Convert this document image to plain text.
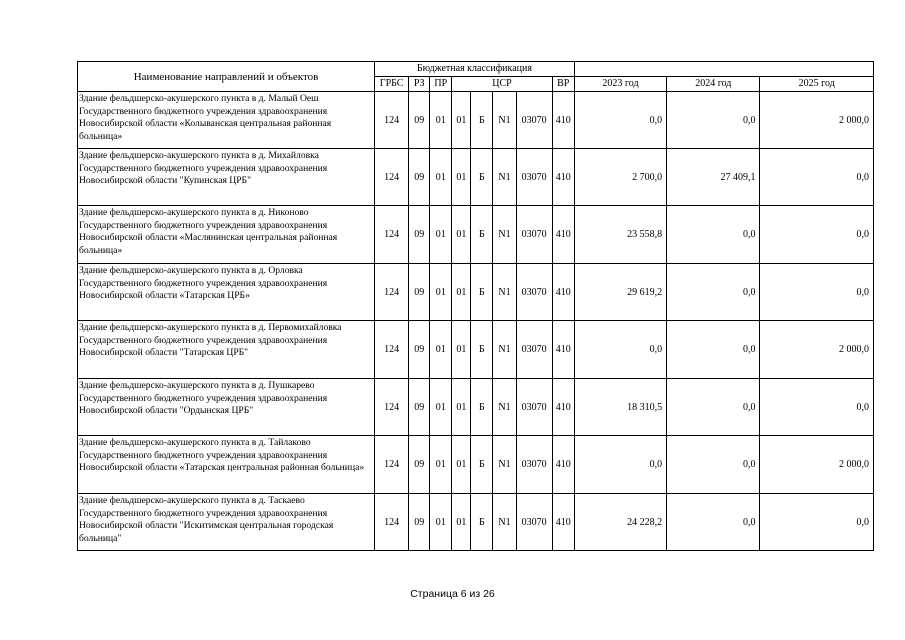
Наименование направлений и объектов	Бюджетная классификация										
	ГРБС	РЗ	ПР	ЦСР				ВР	2023 год	2024 год	2025 год
Здание фельдшерско-акушерского пункта в д. Малый Оеш Государственного бюджетного учреждения здравоохранения Новосибирской области «Колыванская центральная районная больница»	124	09	01	01	Б	N1	03070	410	0,0	0,0	2 000,0
Здание фельдшерско-акушерского пункта в д. Михайловка Государственного бюджетного учреждения здравоохранения Новосибирской области "Купинская ЦРБ"	124	09	01	01	Б	N1	03070	410	2 700,0	27 409,1	0,0
Здание фельдшерско-акушерского пункта в д. Никоново Государственного бюджетного учреждения здравоохранения Новосибирской области «Маслянинская центральная районная больница»	124	09	01	01	Б	N1	03070	410	23 558,8	0,0	0,0
Здание фельдшерско-акушерского пункта в д. Орловка Государственного бюджетного учреждения здравоохранения Новосибирской области «Татарская ЦРБ»	124	09	01	01	Б	N1	03070	410	29 619,2	0,0	0,0
Здание фельдшерско-акушерского пункта в д. Первомихайловка Государственного бюджетного учреждения здравоохранения Новосибирской области "Татарская ЦРБ"	124	09	01	01	Б	N1	03070	410	0,0	0,0	2 000,0
Здание фельдшерско-акушерского пункта в д. Пушкарево Государственного бюджетного учреждения здравоохранения Новосибирской области "Ордынская ЦРБ"	124	09	01	01	Б	N1	03070	410	18 310,5	0,0	0,0
Здание фельдшерско-акушерского пункта в д. Тайлаково Государственного бюджетного учреждения здравоохранения Новосибирской области «Татарская центральная районная больница»	124	09	01	01	Б	N1	03070	410	0,0	0,0	2 000,0
Здание фельдшерско-акушерского пункта в д. Таскаево Государственного бюджетного учреждения здравоохранения Новосибирской области "Искитимская центральная городская больница"	124	09	01	01	Б	N1	03070	410	24 228,2	0,0	0,0
Страница 6 из 26
